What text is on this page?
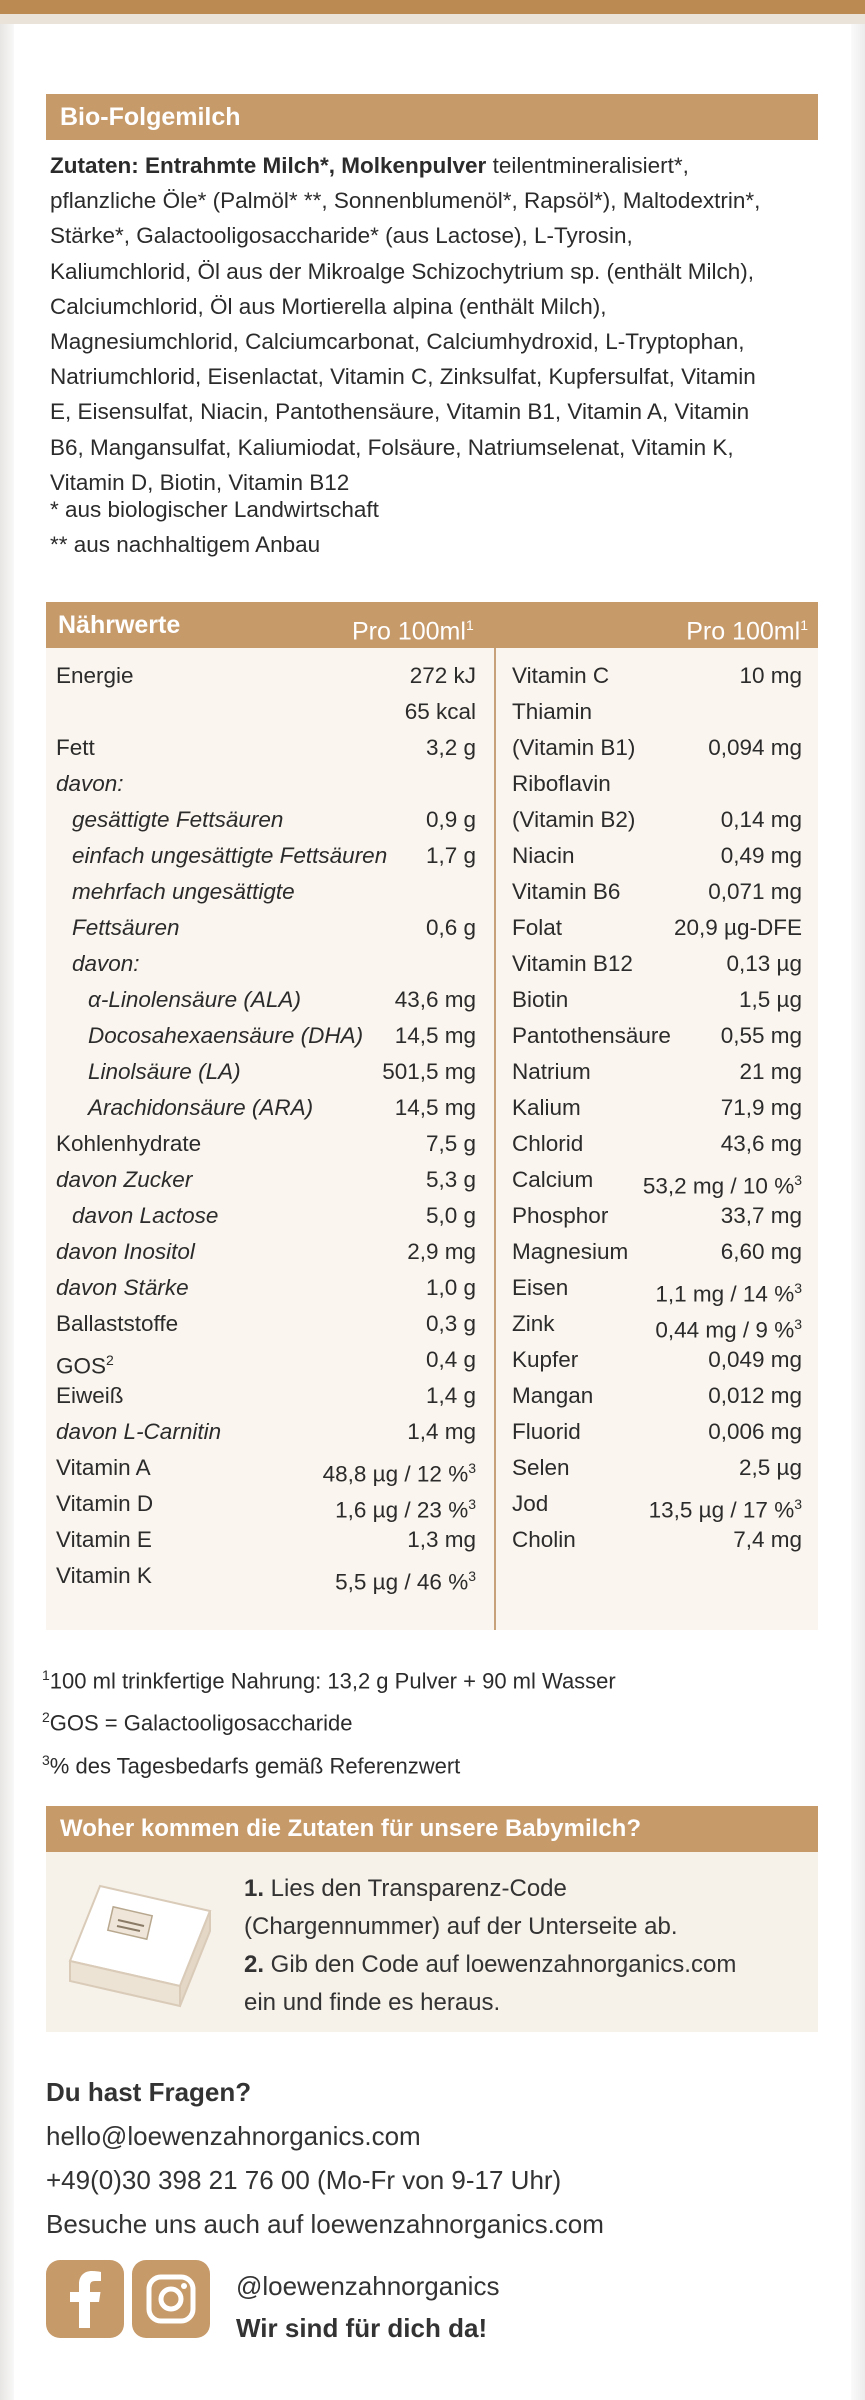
Bio-Folgemilch
Zutaten: Entrahmte Milch*, Molkenpulver teilentmineralisiert*,
pflanzliche Öle* (Palmöl* **, Sonnenblumenöl*, Rapsöl*), Maltodextrin*,
Stärke*, Galactooligosaccharide* (aus Lactose), L-Tyrosin,
Kaliumchlorid, Öl aus der Mikroalge Schizochytrium sp. (enthält Milch),
Calciumchlorid, Öl aus Mortierella alpina (enthält Milch),
Magnesiumchlorid, Calciumcarbonat, Calciumhydroxid, L-Tryptophan,
Natriumchlorid, Eisenlactat, Vitamin C, Zinksulfat, Kupfersulfat, Vitamin
E, Eisensulfat, Niacin, Pantothensäure, Vitamin B1, Vitamin A, Vitamin
B6, Mangansulfat, Kaliumiodat, Folsäure, Natriumselenat, Vitamin K,
Vitamin D, Biotin, Vitamin B12
* aus biologischer Landwirtschaft
** aus nachhaltigem Anbau
Nährwerte	Pro $100ml^1$	Pro $100ml^1$
Energie	272 kJ
65 kcal
Fett	3,2 g
davon:
gesättigte Fettsäuren	0,9 g
einfach ungesättigte Fettsäuren 1,7 g
mehrfach ungesättigte
Fettsäuren	0,6 g
davon:
α-Linolensäure (ALA)	43,6 mg
Docosahexaensäure (DHA) 14,5 mg
Linolsäure (LA)	501,5 mg
Arachidonsäure (ARA)	14,5 mg
Kohlenhydrate	7,5 g
davon Zucker	5,3 g
davon Lactose	5,0 g
davon Inositol	2,9 mg
davon Stärke	1,0 g
Ballaststoffe	0,3 g
GOS$^2$	0,4 g
Eiweiß	1,4 g
davon L-Carnitin	1,4 mg
Vitamin A	48,8 µg / 12 %$^3$
Vitamin D	1,6 µg / 23 %$^3$
Vitamin E	1,3 mg
Vitamin K	5,5 µg / 46 %$^3$
Vitamin C	10 mg
Thiamin
(Vitamin B1)	0,094 mg
Riboflavin
(Vitamin B2)	0,14 mg
Niacin	0,49 mg
Vitamin B6	0,071 mg
Folat	20,9 µg-DFE
Vitamin B12	0,13 µg
Biotin	1,5 µg
Pantothensäure 0,55 mg
Natrium	21 mg
Kalium	71,9 mg
Chlorid	43,6 mg
Calcium 53,2 mg / 10 %$^3$
Phosphor	33,7 mg
Magnesium	6,60 mg
Eisen	1,1 mg / 14 %$^3$
Zink	0,44 mg / 9 %$^3$
Kupfer	0,049 mg
Mangan	0,012 mg
Fluorid	0,006 mg
Selen	2,5 µg
Jod	13,5 µg / 17 %$^3$
Cholin	7,4 mg
$^1$100 ml trinkfertige Nahrung: 13,2 g Pulver + 90 ml Wasser
$^2$GOS = Galactooligosaccharide
$^3$% des Tagesbedarfs gemäß Referenzwert
Woher kommen die Zutaten für unsere Babymilch?
1. Lies den Transparenz-Code
(Chargennummer) auf der Unterseite ab.
2. Gib den Code auf loewenzahnorganics.com
ein und finde es heraus.
Du hast Fragen?
hello@loewenzahnorganics.com
+49(0)30 398 21 76 00 (Mo-Fr von 9-17 Uhr)
Besuche uns auch auf loewenzahnorganics.com
@loewenzahnorganics
Wir sind für dich da!
